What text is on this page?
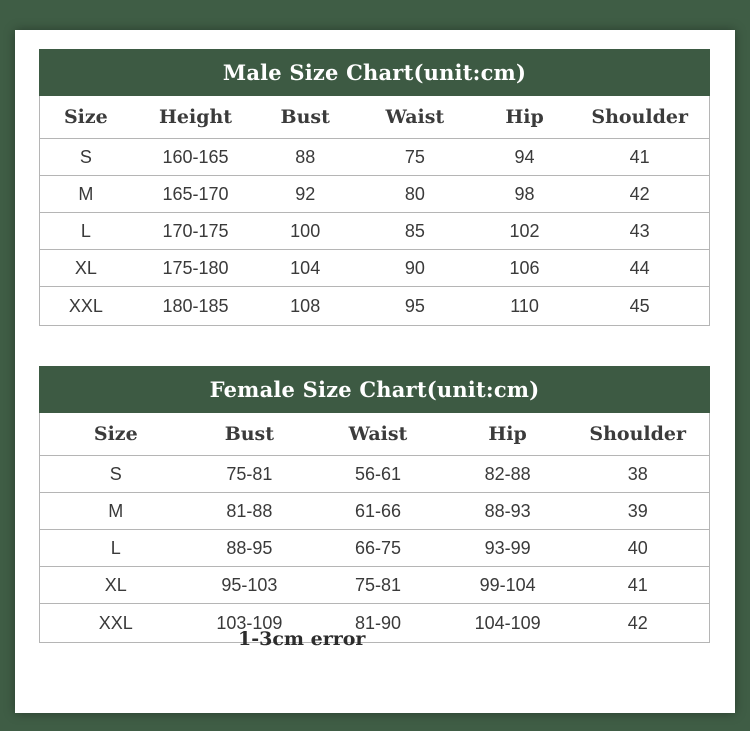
Male Size Chart(unit:cm)
Size	Height	Bust	Waist	Hip	Shoulder
S	160-165	88	75	94	41
M	165-170	92	80	98	42
L	170-175	100	85	102	43
XL	175-180	104	90	106	44
XXL	180-185	108	95	110	45
Female Size Chart(unit:cm)
Size	Bust	Waist	Hip	Shoulder
S	75-81	56-61	82-88	38
M	81-88	61-66	88-93	39
L	88-95	66-75	93-99	40
XL	95-103	75-81	99-104	41
XXL	103-109	81-90	104-109	42
1-3cm error
